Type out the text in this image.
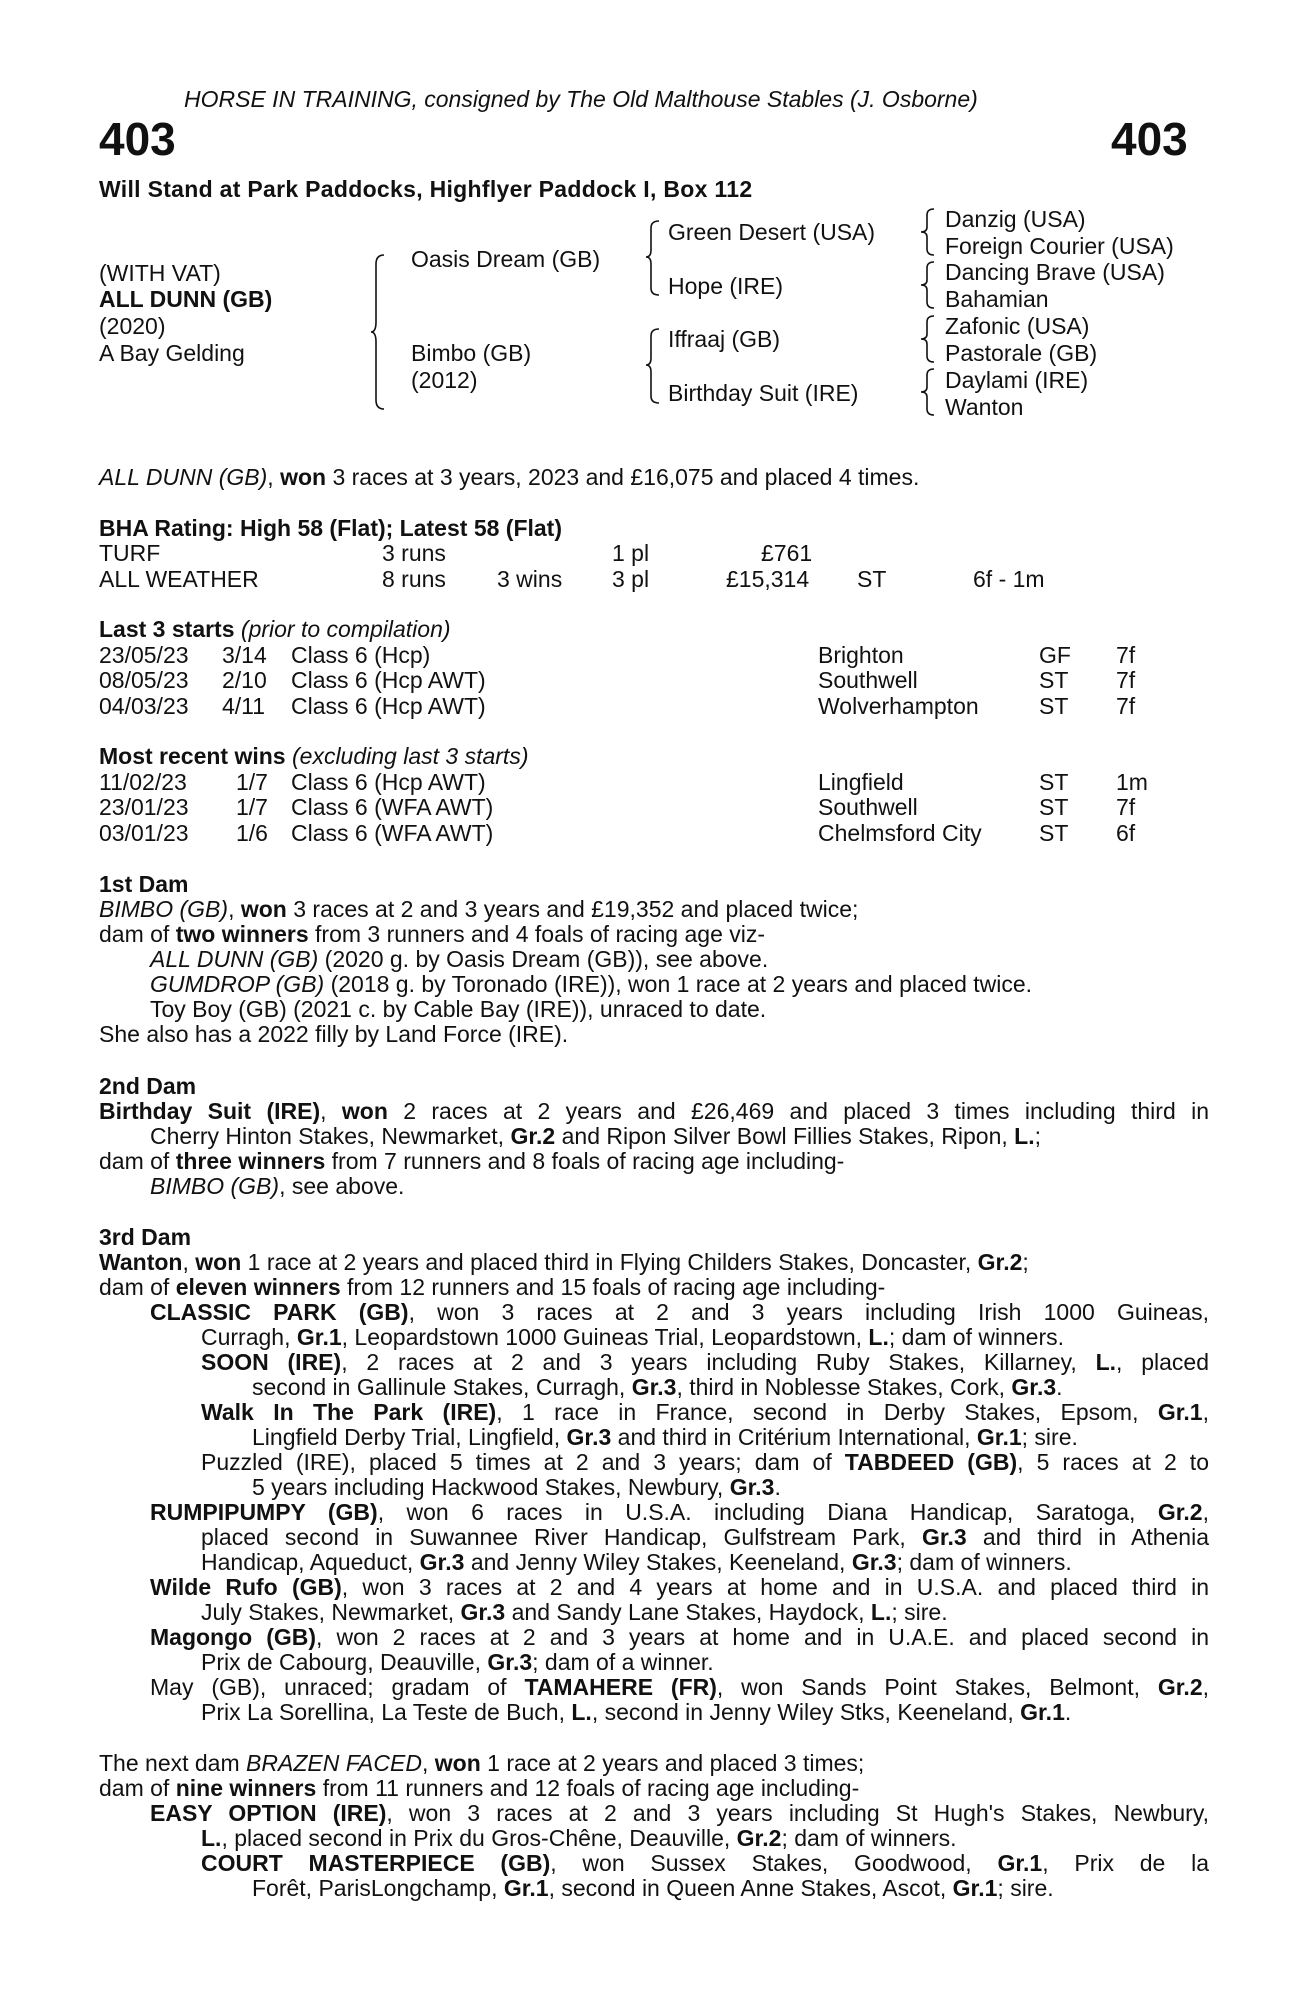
HORSE IN TRAINING, consigned by The Old Malthouse Stables (J. Osborne)
403	403
Will Stand at Park Paddocks, Highflyer Paddock I, Box 112
(WITH VAT)
ALL DUNN (GB)
(2020)
A Bay Gelding
Oasis Dream (GB)
Bimbo (GB)
(2012)
Green Desert (USA)
Hope (IRE)
Iffraaj (GB)
Birthday Suit (IRE)
Danzig (USA)
Foreign Courier (USA)
Dancing Brave (USA)
Bahamian
Zafonic (USA)
Pastorale (GB)
Daylami (IRE)
Wanton
ALL DUNN (GB), won 3 races at 3 years, 2023 and £16,075 and placed 4 times.
BHA Rating: High 58 (Flat); Latest 58 (Flat)
TURF	3 runs	1 pl	£761
ALL WEATHER	8 runs 3 wins 3 pl	£15,314 ST	6f - 1m
Last 3 starts (prior to compilation)
23/05/23 3/14 Class 6 (Hcp)	Brighton	GF 7f
08/05/23 2/10 Class 6 (Hcp AWT)	Southwell	ST 7f
04/03/23 4/11 Class 6 (Hcp AWT)	Wolverhampton	ST 7f
Most recent wins (excluding last 3 starts)
11/02/23 1/7 Class 6 (Hcp AWT)	Lingfield	ST 1m
23/01/23 1/7 Class 6 (WFA AWT)	Southwell	ST 7f
03/01/23 1/6 Class 6 (WFA AWT)	Chelmsford City ST 6f
1st Dam
BIMBO (GB), won 3 races at 2 and 3 years and £19,352 and placed twice;
dam of two winners from 3 runners and 4 foals of racing age viz-
ALL DUNN (GB) (2020 g. by Oasis Dream (GB)), see above.
GUMDROP (GB) (2018 g. by Toronado (IRE)), won 1 race at 2 years and placed twice.
Toy Boy (GB) (2021 c. by Cable Bay (IRE)), unraced to date.
She also has a 2022 filly by Land Force (IRE).
2nd Dam
Birthday Suit (IRE), won 2 races at 2 years and £26,469 and placed 3 times including third in
Cherry Hinton Stakes, Newmarket, Gr.2 and Ripon Silver Bowl Fillies Stakes, Ripon, L.;
dam of three winners from 7 runners and 8 foals of racing age including-
BIMBO (GB), see above.
3rd Dam
Wanton, won 1 race at 2 years and placed third in Flying Childers Stakes, Doncaster, Gr.2;
dam of eleven winners from 12 runners and 15 foals of racing age including-
CLASSIC PARK (GB), won 3 races at 2 and 3 years including Irish 1000 Guineas,
Curragh, Gr.1, Leopardstown 1000 Guineas Trial, Leopardstown, L.; dam of winners.
SOON (IRE), 2 races at 2 and 3 years including Ruby Stakes, Killarney, L., placed
second in Gallinule Stakes, Curragh, Gr.3, third in Noblesse Stakes, Cork, Gr.3.
Walk In The Park (IRE), 1 race in France, second in Derby Stakes, Epsom, Gr.1,
Lingfield Derby Trial, Lingfield, Gr.3 and third in Critérium International, Gr.1; sire.
Puzzled (IRE), placed 5 times at 2 and 3 years; dam of TABDEED (GB), 5 races at 2 to
5 years including Hackwood Stakes, Newbury, Gr.3.
RUMPIPUMPY (GB), won 6 races in U.S.A. including Diana Handicap, Saratoga, Gr.2,
placed second in Suwannee River Handicap, Gulfstream Park, Gr.3 and third in Athenia
Handicap, Aqueduct, Gr.3 and Jenny Wiley Stakes, Keeneland, Gr.3; dam of winners.
Wilde Rufo (GB), won 3 races at 2 and 4 years at home and in U.S.A. and placed third in
July Stakes, Newmarket, Gr.3 and Sandy Lane Stakes, Haydock, L.; sire.
Magongo (GB), won 2 races at 2 and 3 years at home and in U.A.E. and placed second in
Prix de Cabourg, Deauville, Gr.3; dam of a winner.
May (GB), unraced; gradam of TAMAHERE (FR), won Sands Point Stakes, Belmont, Gr.2,
Prix La Sorellina, La Teste de Buch, L., second in Jenny Wiley Stks, Keeneland, Gr.1.
The next dam BRAZEN FACED, won 1 race at 2 years and placed 3 times;
dam of nine winners from 11 runners and 12 foals of racing age including-
EASY OPTION (IRE), won 3 races at 2 and 3 years including St Hugh's Stakes, Newbury,
L., placed second in Prix du Gros-Chêne, Deauville, Gr.2; dam of winners.
COURT MASTERPIECE (GB), won Sussex Stakes, Goodwood, Gr.1, Prix de la
Forêt, ParisLongchamp, Gr.1, second in Queen Anne Stakes, Ascot, Gr.1; sire.
